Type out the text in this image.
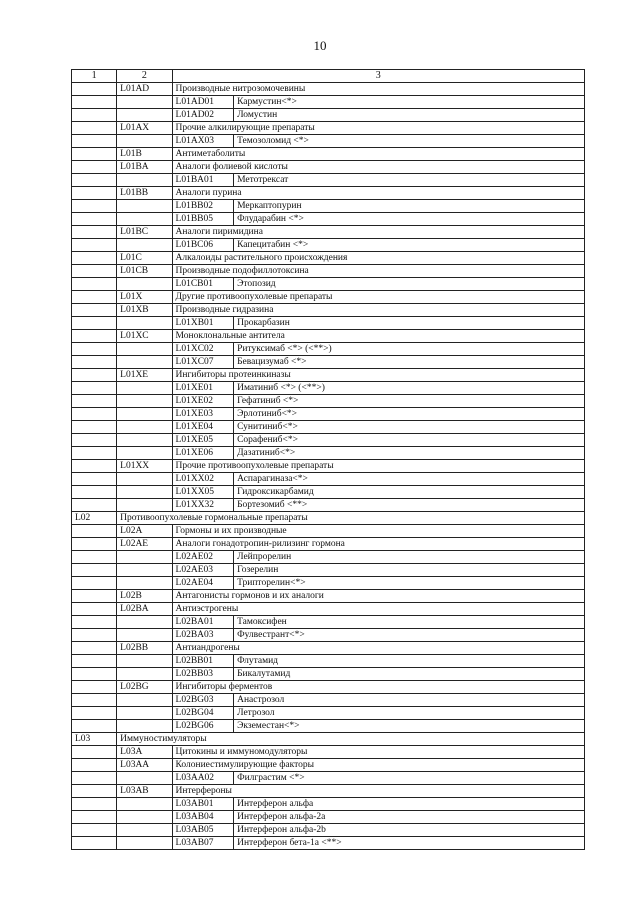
10
1	2	3	
	L01AD	Производные нитрозомочевины	
		L01AD01	Кармустин<*>
		L01AD02	Ломустин
	L01AX	Прочие алкилирующие препараты	
		L01AX03	Темозоломид <*>
	L01B	Антиметаболиты	
	L01BA	Аналоги фолиевой кислоты	
		L01BA01	Метотрексат
	L01BB	Аналоги пурина	
		L01BB02	Меркаптопурин
		L01BB05	Флударабин <*>
	L01BC	Аналоги пиримидина	
		L01BC06	Капецитабин <*>
	L01C	Алкалоиды растительного происхождения	
	L01CB	Производные подофиллотоксина	
		L01CB01	Этопозид
	L01X	Другие противоопухолевые препараты	
	L01XB	Производные гидразина	
		L01XB01	Прокарбазин
	L01XC	Моноклональные антитела	
		L01XC02	Ритуксимаб <*> (<**>)
		L01XC07	Бевацизумаб <*>
	L01XE	Ингибиторы протеинкиназы	
		L01XE01	Иматиниб <*> (<**>)
		L01XE02	Гефатиниб <*>
		L01XE03	Эрлотиниб<*>
		L01XE04	Сунитиниб<*>
		L01XE05	Сорафениб<*>
		L01XE06	Дазатиниб<*>
	L01XX	Прочие противоопухолевые препараты	
		L01XX02	Аспарагиназа<*>
		L01XX05	Гидроксикарбамид
		L01XX32	Бортезомиб <**>
L02	Противоопухолевые гормональные препараты		
	L02A	Гормоны и их производные	
	L02AE	Аналоги гонадотропин-рилизинг гормона	
		L02AE02	Лейпрорелин
		L02AE03	Гозерелин
		L02AE04	Трипторелин<*>
	L02B	Антагонисты гормонов и их аналоги	
	L02BA	Антиэстрогены	
		L02BA01	Тамоксифен
		L02BA03	Фулвестрант<*>
	L02BB	Антиандрогены	
		L02BB01	Флутамид
		L02BB03	Бикалутамид
	L02BG	Ингибиторы ферментов	
		L02BG03	Анастрозол
		L02BG04	Летрозол
		L02BG06	Экземестан<*>
L03	Иммуностимуляторы		
	L03A	Цитокины и иммуномодуляторы	
	L03AA	Колониестимулирующие факторы	
		L03AA02	Филграстим <*>
	L03AB	Интерфероны	
		L03AB01	Интерферон альфа
		L03AB04	Интерферон альфа-2a
		L03AB05	Интерферон альфа-2b
		L03AB07	Интерферон бета-1a <**>
